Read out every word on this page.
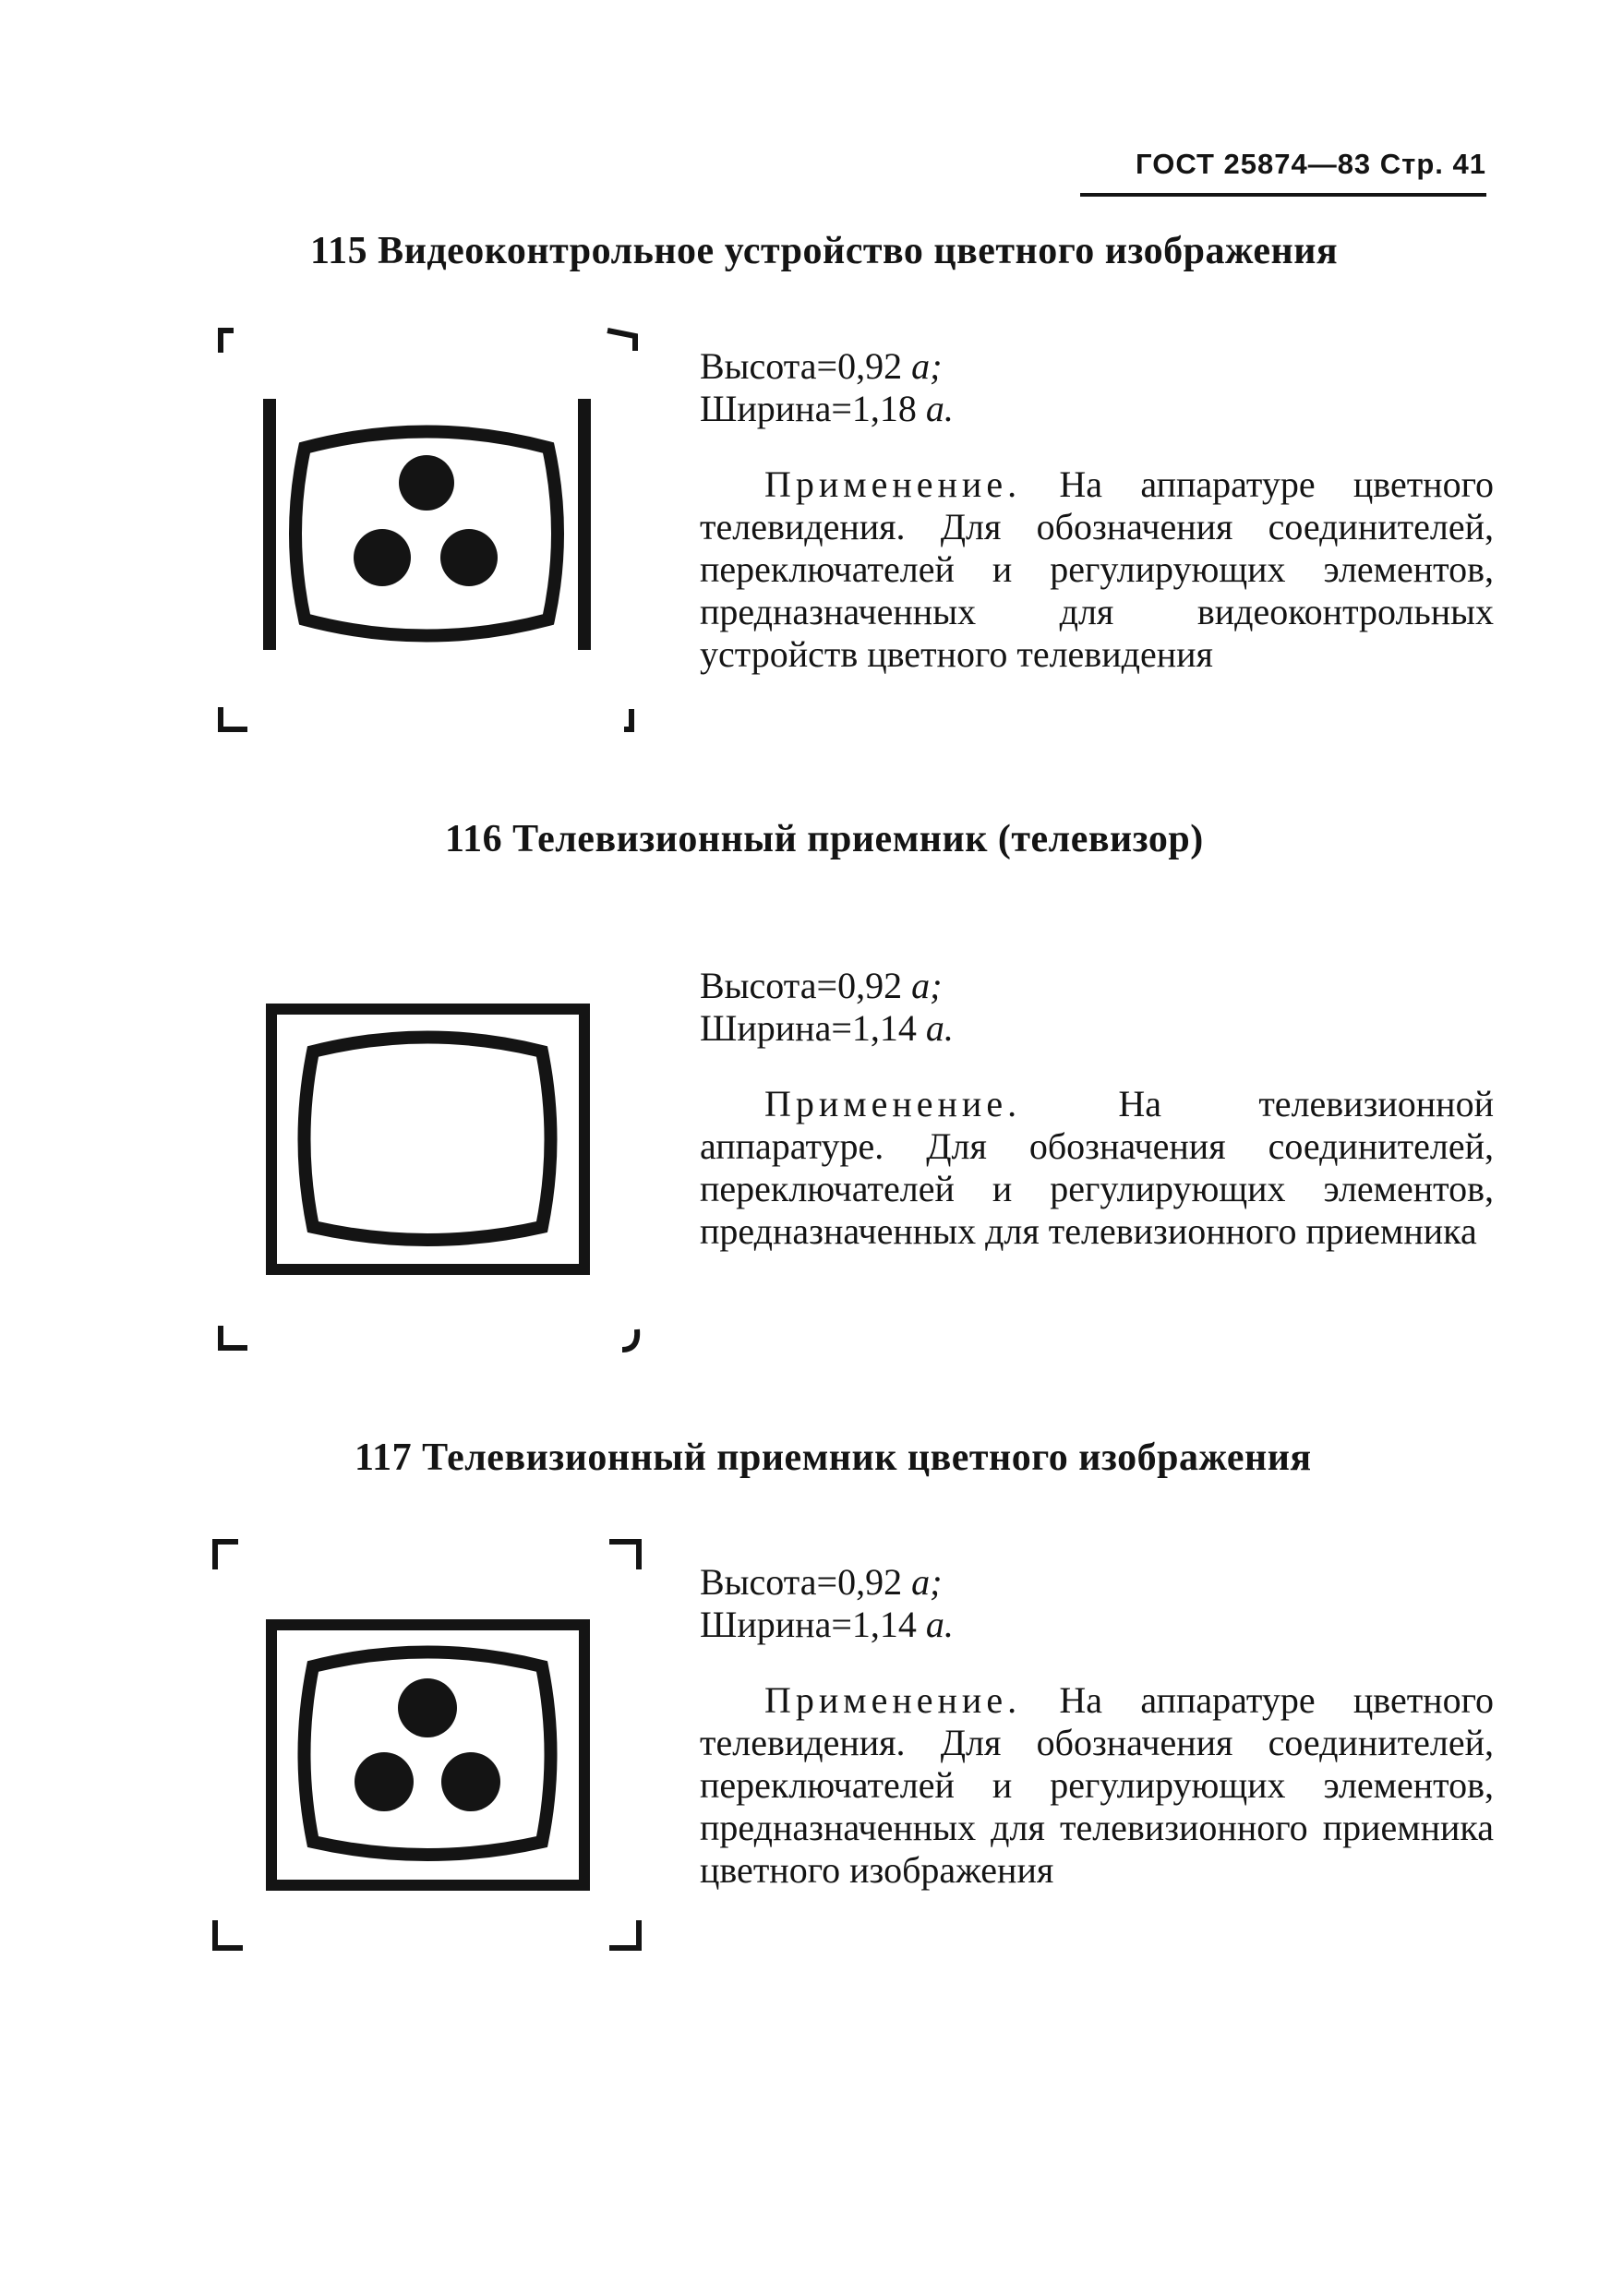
ГОСТ 25874—83 Стр. 41
115 Видеоконтрольное устройство цветного изображения
Высота=0,92 a;
Ширина=1,18 a.
Применение. На аппаратуре цветного телевидения. Для обозначения соединителей, переключателей и регулирующих элементов, предназначенных для видеоконтрольных устройств цветного телевидения
116 Телевизионный приемник (телевизор)
Высота=0,92 a;
Ширина=1,14 a.
Применение.	На телевизионной аппаратуре. Для обозначения соединителей, переключателей и регулирующих элементов, предназначенных для телевизионного приемника
117 Телевизионный приемник цветного изображения
Высота=0,92 a;
Ширина=1,14 a.
Применение. На аппаратуре цветного телевидения. Для обозначения соединителей, переключателей и регулирующих элементов, предназначенных для телевизионного приемника цветного изображения
